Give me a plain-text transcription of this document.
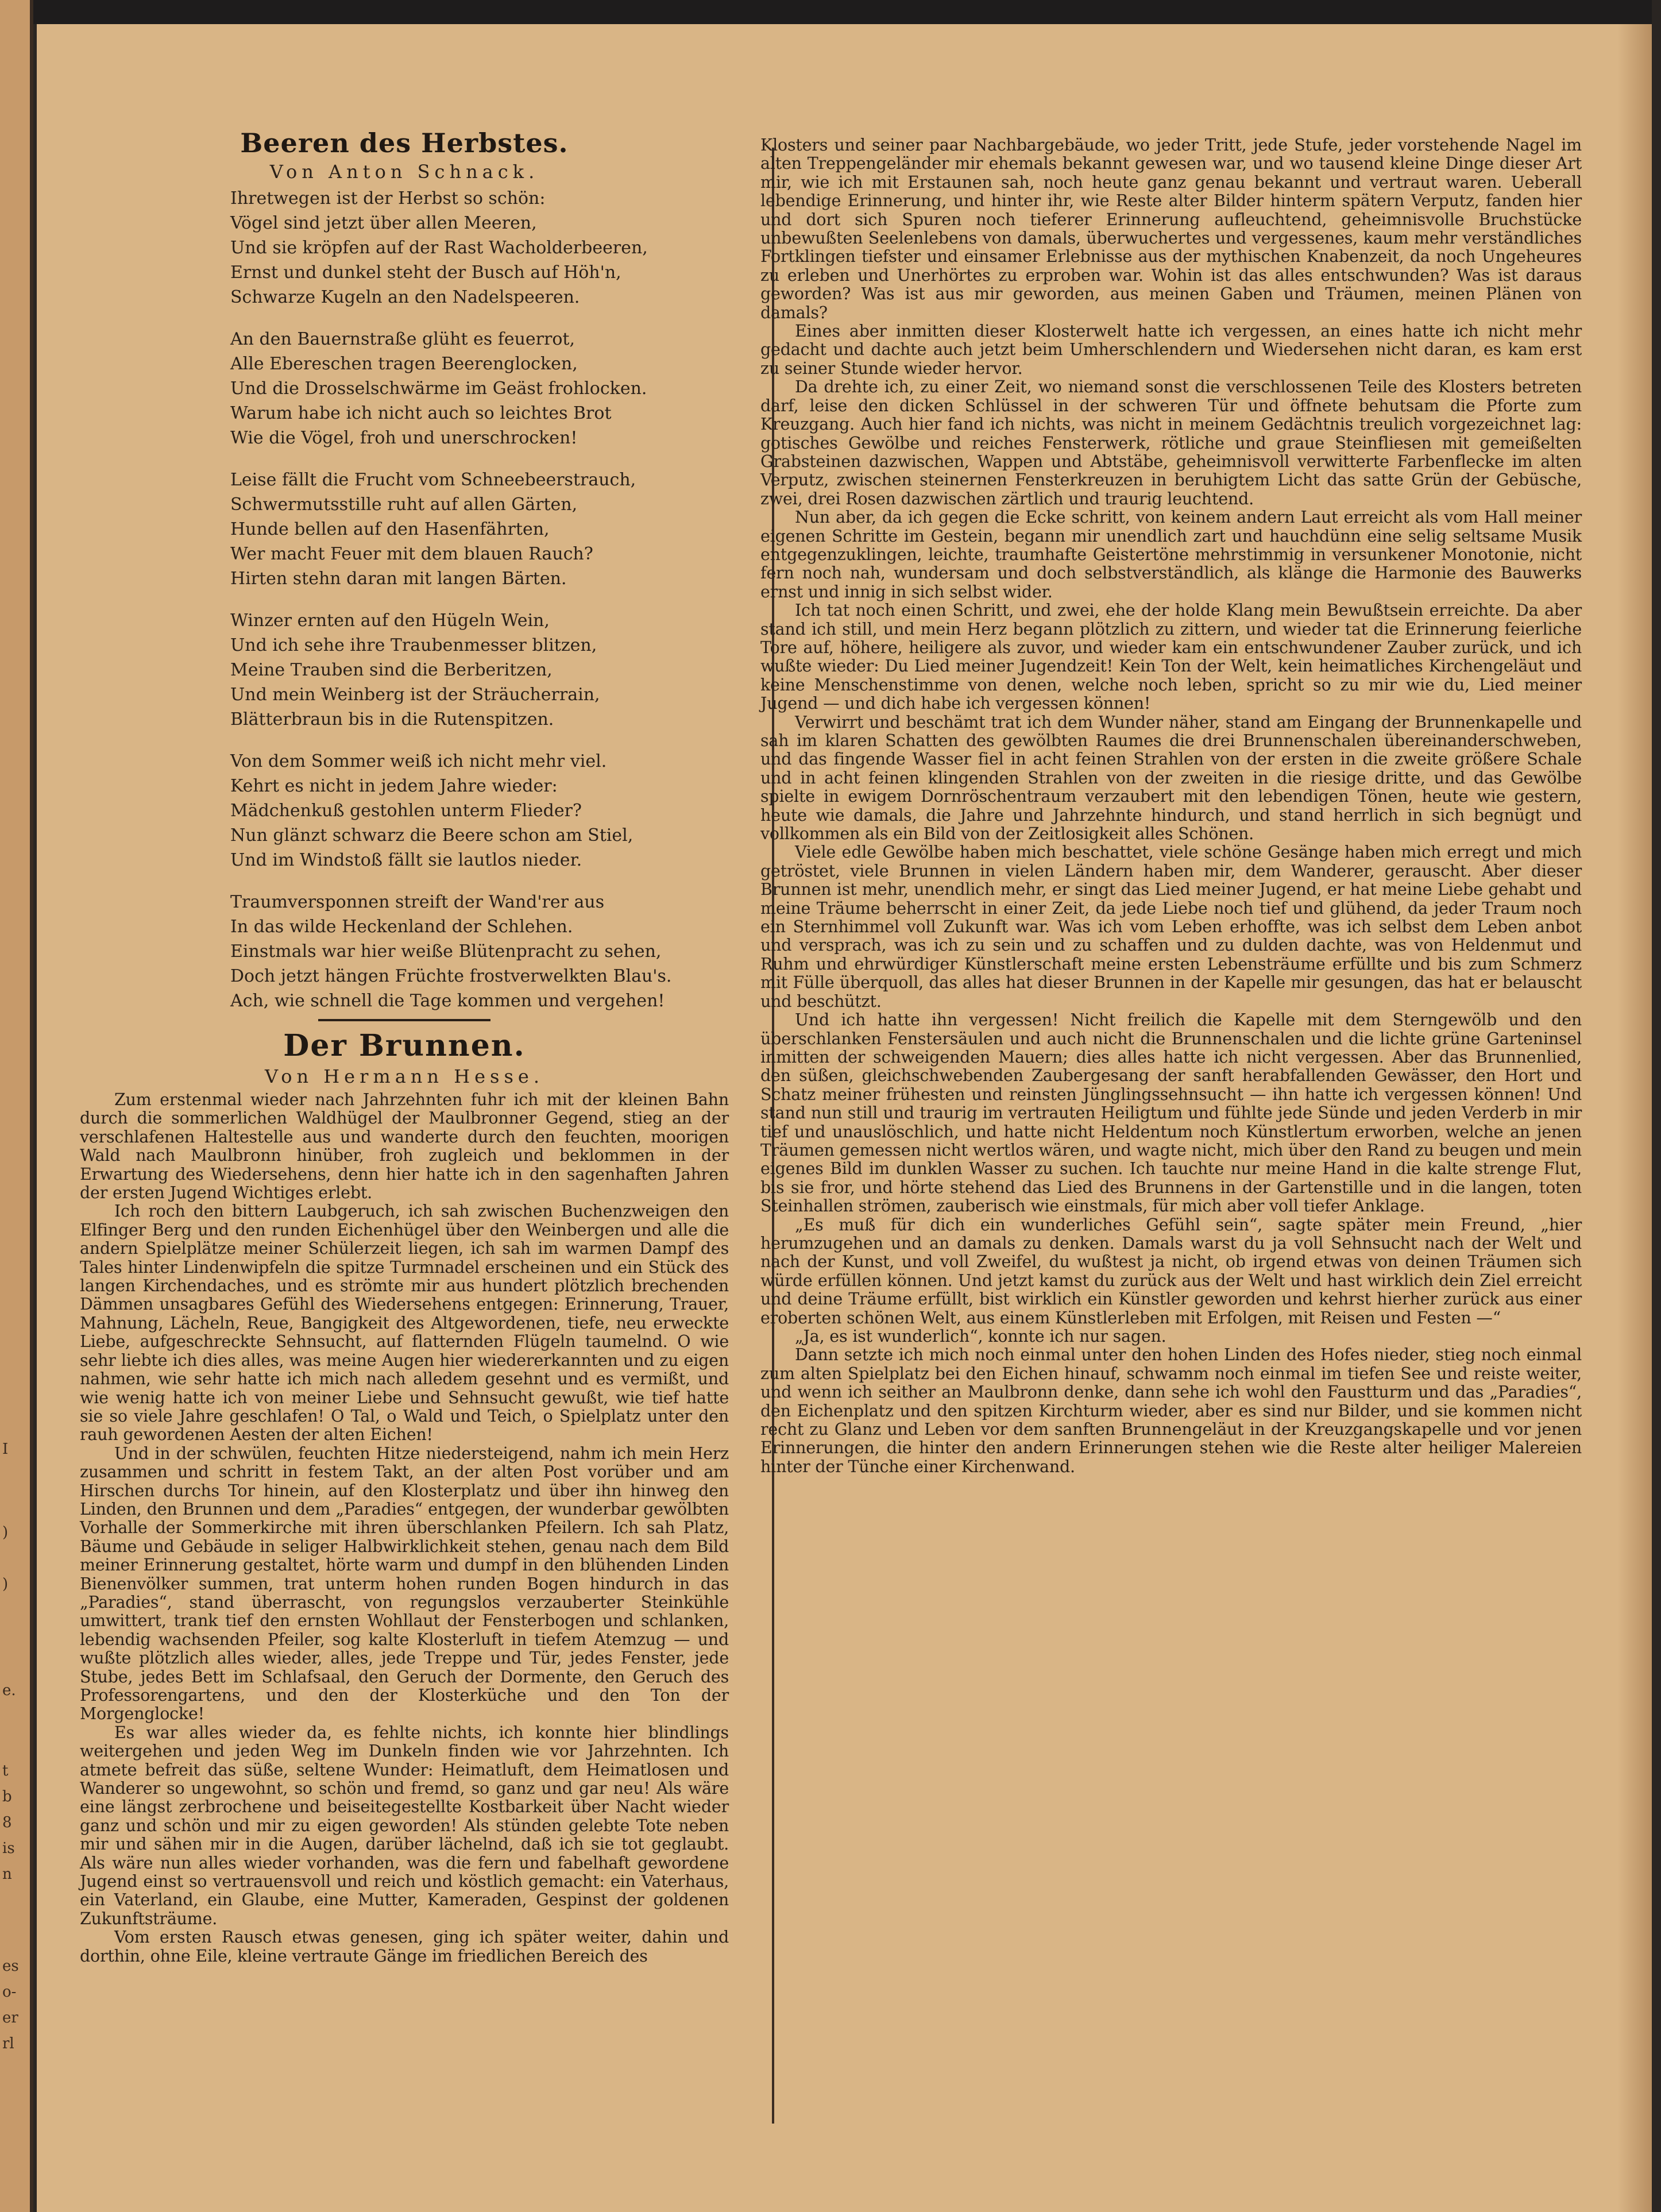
I
)
)
e.
t
b
8
is
n
es
o-
er
rl
Beeren des Herbstes.
Von Anton Schnack.
Ihretwegen ist der Herbst so schön:
Vögel sind jetzt über allen Meeren,
Und sie kröpfen auf der Rast Wacholderbeeren,
Ernst und dunkel steht der Busch auf Höh'n,
Schwarze Kugeln an den Nadelspeeren.
An den Bauernstraße glüht es feuerrot,
Alle Ebereschen tragen Beerenglocken,
Und die Drosselschwärme im Geäst frohlocken.
Warum habe ich nicht auch so leichtes Brot
Wie die Vögel, froh und unerschrocken!
Leise fällt die Frucht vom Schneebeerstrauch,
Schwermutsstille ruht auf allen Gärten,
Hunde bellen auf den Hasenfährten,
Wer macht Feuer mit dem blauen Rauch?
Hirten stehn daran mit langen Bärten.
Winzer ernten auf den Hügeln Wein,
Und ich sehe ihre Traubenmesser blitzen,
Meine Trauben sind die Berberitzen,
Und mein Weinberg ist der Sträucherrain,
Blätterbraun bis in die Rutenspitzen.
Von dem Sommer weiß ich nicht mehr viel.
Kehrt es nicht in jedem Jahre wieder:
Mädchenkuß gestohlen unterm Flieder?
Nun glänzt schwarz die Beere schon am Stiel,
Und im Windstoß fällt sie lautlos nieder.
Traumversponnen streift der Wand'rer aus
In das wilde Heckenland der Schlehen.
Einstmals war hier weiße Blütenpracht zu sehen,
Doch jetzt hängen Früchte frostverwelkten Blau's.
Ach, wie schnell die Tage kommen und vergehen!
Der Brunnen.
Von Hermann Hesse.

Zum erstenmal wieder nach Jahrzehnten fuhr ich mit der kleinen Bahn durch die sommerlichen Waldhügel der Maulbronner Gegend, stieg an der verschlafenen Haltestelle aus und wanderte durch den feuchten, moorigen Wald nach Maulbronn hinüber, froh zugleich und beklommen in der Erwartung des Wiedersehens, denn hier hatte ich in den sagenhaften Jahren der ersten Jugend Wichtiges erlebt.

Ich roch den bittern Laubgeruch, ich sah zwischen Buchenzweigen den Elfinger Berg und den runden Eichenhügel über den Weinbergen und alle die andern Spielplätze meiner Schülerzeit liegen, ich sah im warmen Dampf des Tales hinter Lindenwipfeln die spitze Turmnadel erscheinen und ein Stück des langen Kirchendaches, und es strömte mir aus hundert plötzlich brechenden Dämmen unsagbares Gefühl des Wiedersehens entgegen: Erinnerung, Trauer, Mahnung, Lächeln, Reue, Bangigkeit des Altgewordenen, tiefe, neu erweckte Liebe, aufgeschreckte Sehnsucht, auf flatternden Flügeln taumelnd. O wie sehr liebte ich dies alles, was meine Augen hier wiedererkannten und zu eigen nahmen, wie sehr hatte ich mich nach alledem gesehnt und es vermißt, und wie wenig hatte ich von meiner Liebe und Sehnsucht gewußt, wie tief hatte sie so viele Jahre geschlafen! O Tal, o Wald und Teich, o Spielplatz unter den rauh gewordenen Aesten der alten Eichen!

Und in der schwülen, feuchten Hitze niedersteigend, nahm ich mein Herz zusammen und schritt in festem Takt, an der alten Post vorüber und am Hirschen durchs Tor hinein, auf den Klosterplatz und über ihn hinweg den Linden, den Brunnen und dem „Paradies“ entgegen, der wunderbar gewölbten Vorhalle der Sommerkirche mit ihren überschlanken Pfeilern. Ich sah Platz, Bäume und Gebäude in seliger Halbwirklichkeit stehen, genau nach dem Bild meiner Erinnerung gestaltet, hörte warm und dumpf in den blühenden Linden Bienenvölker summen, trat unterm hohen runden Bogen hindurch in das „Paradies“, stand überrascht, von regungslos verzauberter Steinkühle umwittert, trank tief den ernsten Wohllaut der Fensterbogen und schlanken, lebendig wachsenden Pfeiler, sog kalte Klosterluft in tiefem Atemzug — und wußte plötzlich alles wieder, alles, jede Treppe und Tür, jedes Fenster, jede Stube, jedes Bett im Schlafsaal, den Geruch der Dormente, den Geruch des Professorengartens, und den der Klosterküche und den Ton der Morgenglocke!

Es war alles wieder da, es fehlte nichts, ich konnte hier blindlings weitergehen und jeden Weg im Dunkeln finden wie vor Jahrzehnten. Ich atmete befreit das süße, seltene Wunder: Heimatluft, dem Heimatlosen und Wanderer so ungewohnt, so schön und fremd, so ganz und gar neu! Als wäre eine längst zerbrochene und beiseitegestellte Kostbarkeit über Nacht wieder ganz und schön und mir zu eigen geworden! Als stünden gelebte Tote neben mir und sähen mir in die Augen, darüber lächelnd, daß ich sie tot geglaubt. Als wäre nun alles wieder vorhanden, was die fern und fabelhaft gewordene Jugend einst so vertrauensvoll und reich und köstlich gemacht: ein Vaterhaus, ein Vaterland, ein Glaube, eine Mutter, Kameraden, Gespinst der goldenen Zukunftsträume.

Vom ersten Rausch etwas genesen, ging ich später weiter, dahin und dorthin, ohne Eile, kleine vertraute Gänge im friedlichen Bereich des

Klosters und seiner paar Nachbargebäude, wo jeder Tritt, jede Stufe, jeder vorstehende Nagel im alten Treppengeländer mir ehemals bekannt gewesen war, und wo tausend kleine Dinge dieser Art mir, wie ich mit Erstaunen sah, noch heute ganz genau bekannt und vertraut waren. Ueberall lebendige Erinnerung, und hinter ihr, wie Reste alter Bilder hinterm spätern Verputz, fanden hier und dort sich Spuren noch tieferer Erinnerung aufleuchtend, geheimnisvolle Bruchstücke unbewußten Seelenlebens von damals, überwuchertes und vergessenes, kaum mehr verständliches Fortklingen tiefster und einsamer Erlebnisse aus der mythischen Knabenzeit, da noch Ungeheures zu erleben und Unerhörtes zu erproben war. Wohin ist das alles entschwunden? Was ist daraus geworden? Was ist aus mir geworden, aus meinen Gaben und Träumen, meinen Plänen von damals?

Eines aber inmitten dieser Klosterwelt hatte ich vergessen, an eines hatte ich nicht mehr gedacht und dachte auch jetzt beim Umherschlendern und Wiedersehen nicht daran, es kam erst zu seiner Stunde wieder hervor.

Da drehte ich, zu einer Zeit, wo niemand sonst die verschlossenen Teile des Klosters betreten darf, leise den dicken Schlüssel in der schweren Tür und öffnete behutsam die Pforte zum Kreuzgang. Auch hier fand ich nichts, was nicht in meinem Gedächtnis treulich vorgezeichnet lag: gotisches Gewölbe und reiches Fensterwerk, rötliche und graue Steinfliesen mit gemeißelten Grabsteinen dazwischen, Wappen und Abtstäbe, geheimnisvoll verwitterte Farbenflecke im alten Verputz, zwischen steinernen Fensterkreuzen in beruhigtem Licht das satte Grün der Gebüsche, zwei, drei Rosen dazwischen zärtlich und traurig leuchtend.

Nun aber, da ich gegen die Ecke schritt, von keinem andern Laut erreicht als vom Hall meiner eigenen Schritte im Gestein, begann mir unendlich zart und hauchdünn eine selig seltsame Musik entgegenzuklingen, leichte, traumhafte Geistertöne mehrstimmig in versunkener Monotonie, nicht fern noch nah, wundersam und doch selbstverständlich, als klänge die Harmonie des Bauwerks ernst und innig in sich selbst wider.

Ich tat noch einen Schritt, und zwei, ehe der holde Klang mein Bewußtsein erreichte. Da aber stand ich still, und mein Herz begann plötzlich zu zittern, und wieder tat die Erinnerung feierliche Tore auf, höhere, heiligere als zuvor, und wieder kam ein entschwundener Zauber zurück, und ich wußte wieder: Du Lied meiner Jugendzeit! Kein Ton der Welt, kein heimatliches Kirchengeläut und keine Menschenstimme von denen, welche noch leben, spricht so zu mir wie du, Lied meiner Jugend — und dich habe ich vergessen können!

Verwirrt und beschämt trat ich dem Wunder näher, stand am Eingang der Brunnenkapelle und sah im klaren Schatten des gewölbten Raumes die drei Brunnenschalen übereinanderschweben, und das fingende Wasser fiel in acht feinen Strahlen von der ersten in die zweite größere Schale und in acht feinen klingenden Strahlen von der zweiten in die riesige dritte, und das Gewölbe spielte in ewigem Dornröschentraum verzaubert mit den lebendigen Tönen, heute wie gestern, heute wie damals, die Jahre und Jahrzehnte hindurch, und stand herrlich in sich begnügt und vollkommen als ein Bild von der Zeitlosigkeit alles Schönen.

Viele edle Gewölbe haben mich beschattet, viele schöne Gesänge haben mich erregt und mich getröstet, viele Brunnen in vielen Ländern haben mir, dem Wanderer, gerauscht. Aber dieser Brunnen ist mehr, unendlich mehr, er singt das Lied meiner Jugend, er hat meine Liebe gehabt und meine Träume beherrscht in einer Zeit, da jede Liebe noch tief und glühend, da jeder Traum noch ein Sternhimmel voll Zukunft war. Was ich vom Leben erhoffte, was ich selbst dem Leben anbot und versprach, was ich zu sein und zu schaffen und zu dulden dachte, was von Heldenmut und Ruhm und ehrwürdiger Künstlerschaft meine ersten Lebensträume erfüllte und bis zum Schmerz mit Fülle überquoll, das alles hat dieser Brunnen in der Kapelle mir gesungen, das hat er belauscht und beschützt.

Und ich hatte ihn vergessen! Nicht freilich die Kapelle mit dem Sterngewölb und den überschlanken Fenstersäulen und auch nicht die Brunnenschalen und die lichte grüne Garteninsel inmitten der schweigenden Mauern; dies alles hatte ich nicht vergessen. Aber das Brunnenlied, den süßen, gleichschwebenden Zaubergesang der sanft herabfallenden Gewässer, den Hort und Schatz meiner frühesten und reinsten Jünglingssehnsucht — ihn hatte ich vergessen können! Und stand nun still und traurig im vertrauten Heiligtum und fühlte jede Sünde und jeden Verderb in mir tief und unauslöschlich, und hatte nicht Heldentum noch Künstlertum erworben, welche an jenen Träumen gemessen nicht wertlos wären, und wagte nicht, mich über den Rand zu beugen und mein eigenes Bild im dunklen Wasser zu suchen. Ich tauchte nur meine Hand in die kalte strenge Flut, bis sie fror, und hörte stehend das Lied des Brunnens in der Gartenstille und in die langen, toten Steinhallen strömen, zauberisch wie einstmals, für mich aber voll tiefer Anklage.

„Es muß für dich ein wunderliches Gefühl sein“, sagte später mein Freund, „hier herumzugehen und an damals zu denken. Damals warst du ja voll Sehnsucht nach der Welt und nach der Kunst, und voll Zweifel, du wußtest ja nicht, ob irgend etwas von deinen Träumen sich würde erfüllen können. Und jetzt kamst du zurück aus der Welt und hast wirklich dein Ziel erreicht und deine Träume erfüllt, bist wirklich ein Künstler geworden und kehrst hierher zurück aus einer eroberten schönen Welt, aus einem Künstlerleben mit Erfolgen, mit Reisen und Festen —“

„Ja, es ist wunderlich“, konnte ich nur sagen.

Dann setzte ich mich noch einmal unter den hohen Linden des Hofes nieder, stieg noch einmal zum alten Spielplatz bei den Eichen hinauf, schwamm noch einmal im tiefen See und reiste weiter, und wenn ich seither an Maulbronn denke, dann sehe ich wohl den Faustturm und das „Paradies“, den Eichenplatz und den spitzen Kirchturm wieder, aber es sind nur Bilder, und sie kommen nicht recht zu Glanz und Leben vor dem sanften Brunnengeläut in der Kreuzgangskapelle und vor jenen Erinnerungen, die hinter den andern Erinnerungen stehen wie die Reste alter heiliger Malereien hinter der Tünche einer Kirchenwand.
